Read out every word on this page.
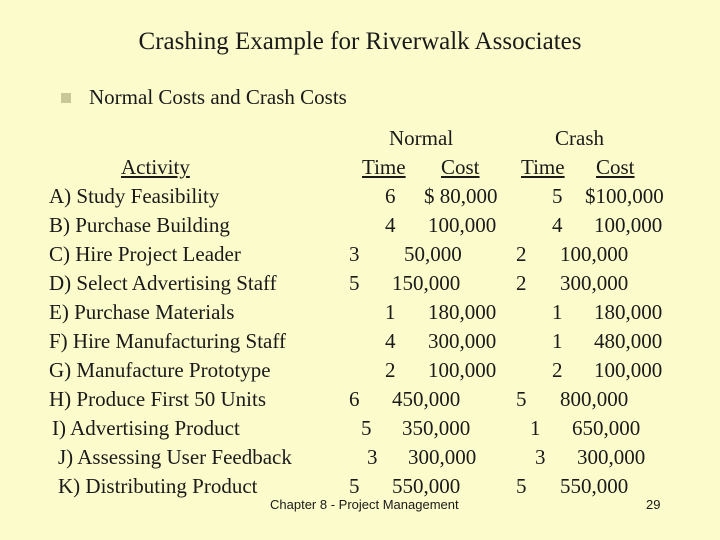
Crashing Example for Riverwalk Associates
Normal Costs and Crash Costs
Normal	Crash
Activity	Time Cost Time Cost
A) Study Feasibility	6 $ 80,000	5 $100,000
B) Purchase Building	4 100,000	4 100,000
C) Hire Project Leader	3 50,000	2 100,000
D) Select Advertising Staff	5 150,000	2 300,000
E) Purchase Materials	1 180,000	1 180,000
F) Hire Manufacturing Staff	4 300,000	1 480,000
G) Manufacture Prototype	2 100,000	2 100,000
H) Produce First 50 Units	6 450,000	5 800,000
I) Advertising Product	5 350,000	1 650,000
J) Assessing User Feedback	3 300,000	3 300,000
K) Distributing Product	5 550,000	5 550,000
Chapter 8 - Project Management	29
